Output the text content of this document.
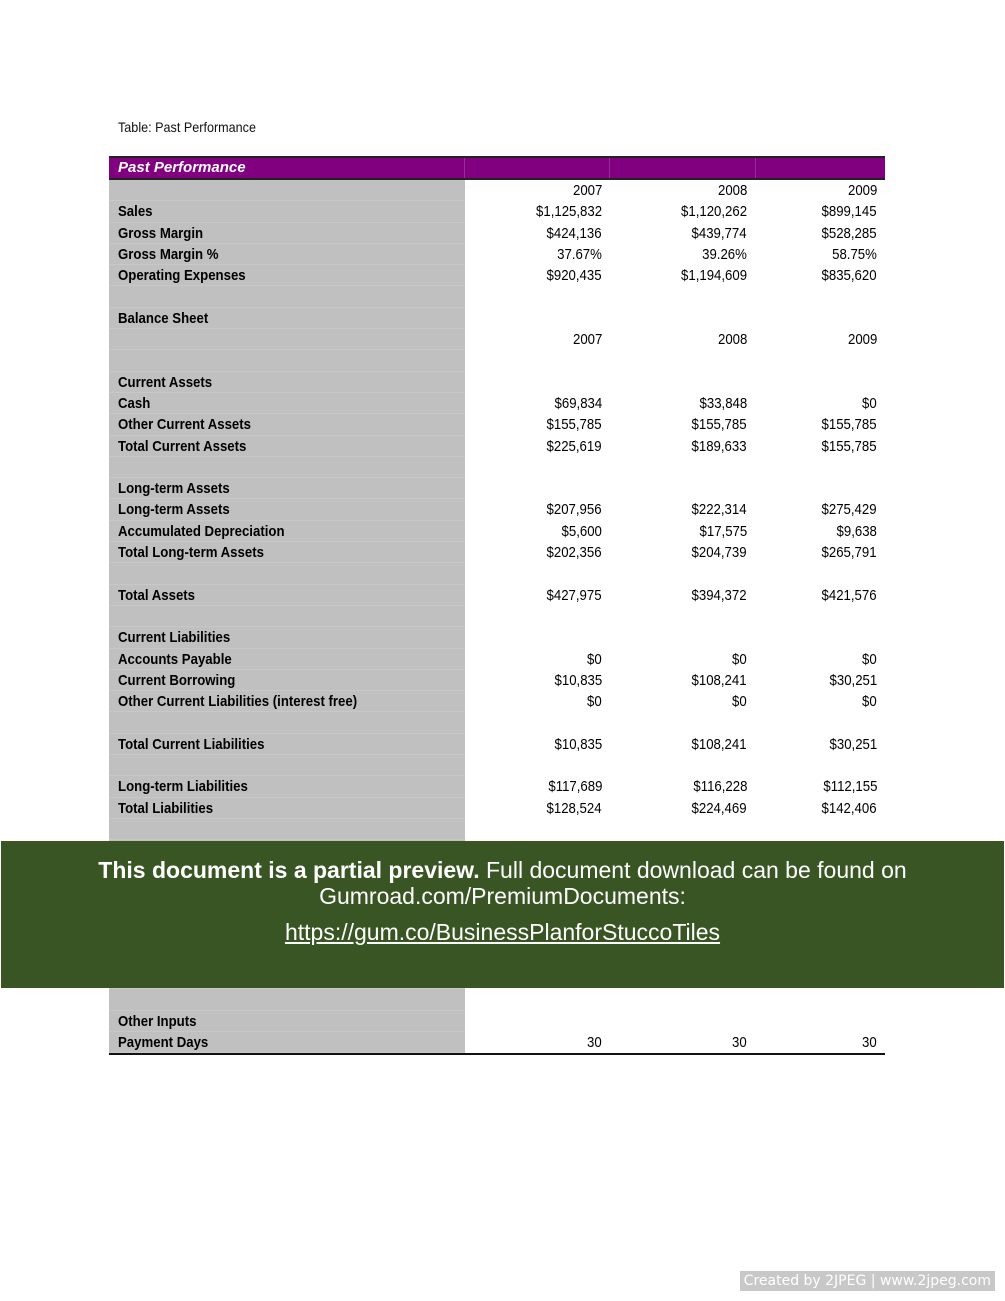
Table: Past Performance
Past Performance
2007	2008	2009
Sales	$1,125,832	$1,120,262	$899,145
Gross Margin	$424,136	$439,774	$528,285
Gross Margin %	37.67%	39.26%	58.75%
Operating Expenses	$920,435	$1,194,609	$835,620
Balance Sheet
2007	2008	2009
Current Assets
Cash	$69,834	$33,848	$0
Other Current Assets	$155,785	$155,785	$155,785
Total Current Assets	$225,619	$189,633	$155,785
Long-term Assets
Long-term Assets	$207,956	$222,314	$275,429
Accumulated Depreciation	$5,600	$17,575	$9,638
Total Long-term Assets	$202,356	$204,739	$265,791
Total Assets	$427,975	$394,372	$421,576
Current Liabilities
Accounts Payable	$0	$0	$0
Current Borrowing	$10,835	$108,241	$30,251
Other Current Liabilities (interest free)	$0	$0	$0
Total Current Liabilities	$10,835	$108,241	$30,251
Long-term Liabilities	$117,689	$116,228	$112,155
Total Liabilities	$128,524	$224,469	$142,406
Other Inputs
Payment Days	30	30	30
This document is a partial preview. Full document download can be found on Gumroad.com/PremiumDocuments:
https://gum.co/BusinessPlanforStuccoTiles
Created by 2JPEG | www.2jpeg.com
